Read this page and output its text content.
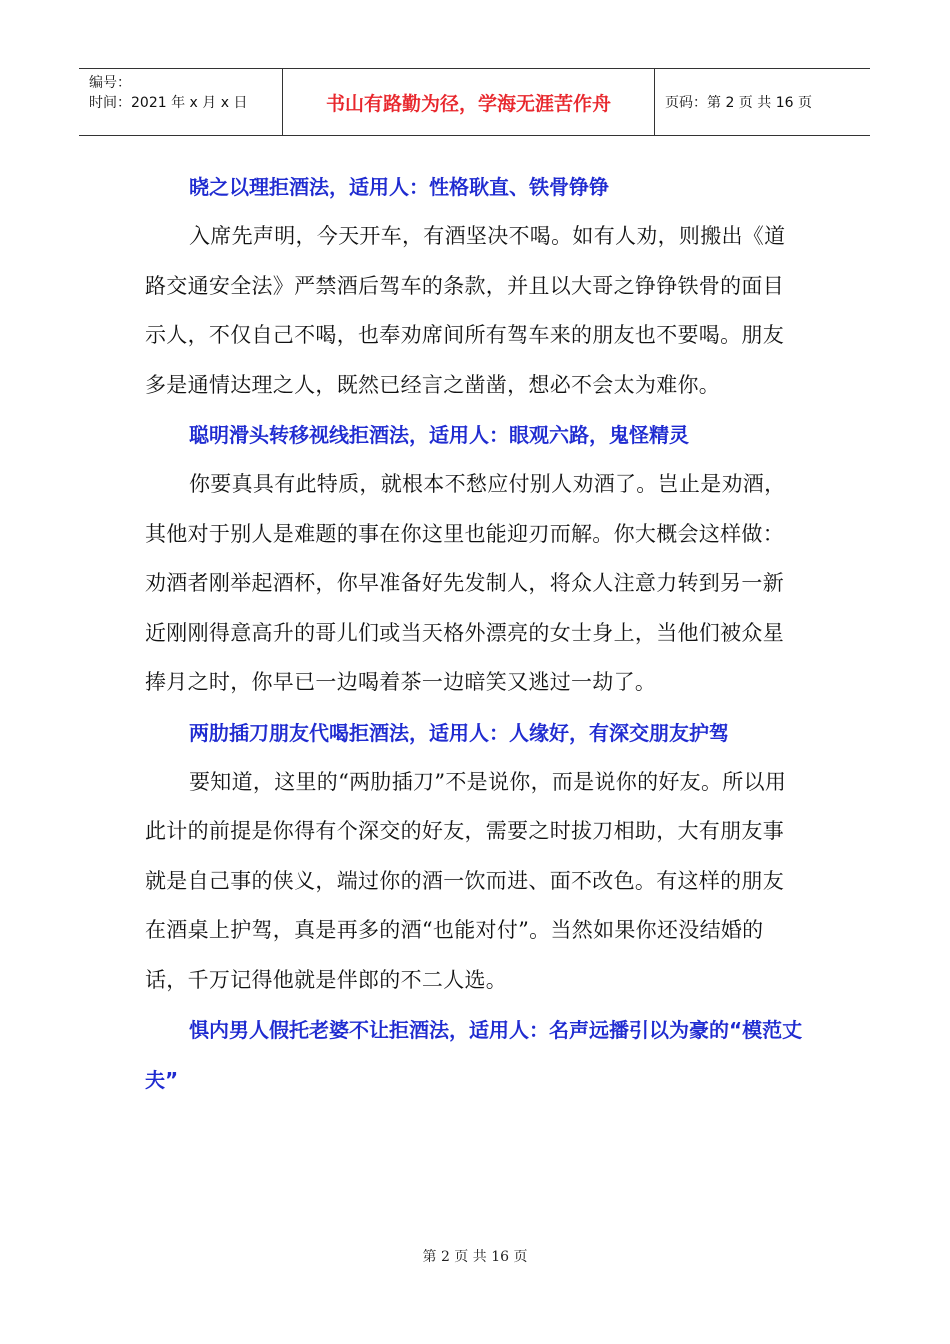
编号：
时间：2021 年 x 月 x 日	书山有路勤为径，学海无涯苦作舟	页码：第 2 页 共 16 页

晓之以理拒酒法，适用人：性格耿直、铁骨铮铮

入席先声明，今天开车，有酒坚决不喝。如有人劝，则搬出《道路交通安全法》严禁酒后驾车的条款，并且以大哥之铮铮铁骨的面目示人，不仅自己不喝，也奉劝席间所有驾车来的朋友也不要喝。朋友多是通情达理之人，既然已经言之凿凿，想必不会太为难你。

聪明滑头转移视线拒酒法，适用人：眼观六路，鬼怪精灵

你要真具有此特质，就根本不愁应付别人劝酒了。岂止是劝酒，其他对于别人是难题的事在你这里也能迎刃而解。你大概会这样做：劝酒者刚举起酒杯，你早准备好先发制人，将众人注意力转到另一新近刚刚得意高升的哥儿们或当天格外漂亮的女士身上，当他们被众星捧月之时，你早已一边喝着茶一边暗笑又逃过一劫了。

两肋插刀朋友代喝拒酒法，适用人：人缘好，有深交朋友护驾

要知道，这里的“两肋插刀”不是说你，而是说你的好友。所以用此计的前提是你得有个深交的好友，需要之时拔刀相助，大有朋友事就是自己事的侠义，端过你的酒一饮而进、面不改色。有这样的朋友在酒桌上护驾，真是再多的酒“也能对付”。当然如果你还没结婚的话，千万记得他就是伴郎的不二人选。

惧内男人假托老婆不让拒酒法，适用人：名声远播引以为豪的“模范丈夫”

第 2 页 共 16 页
